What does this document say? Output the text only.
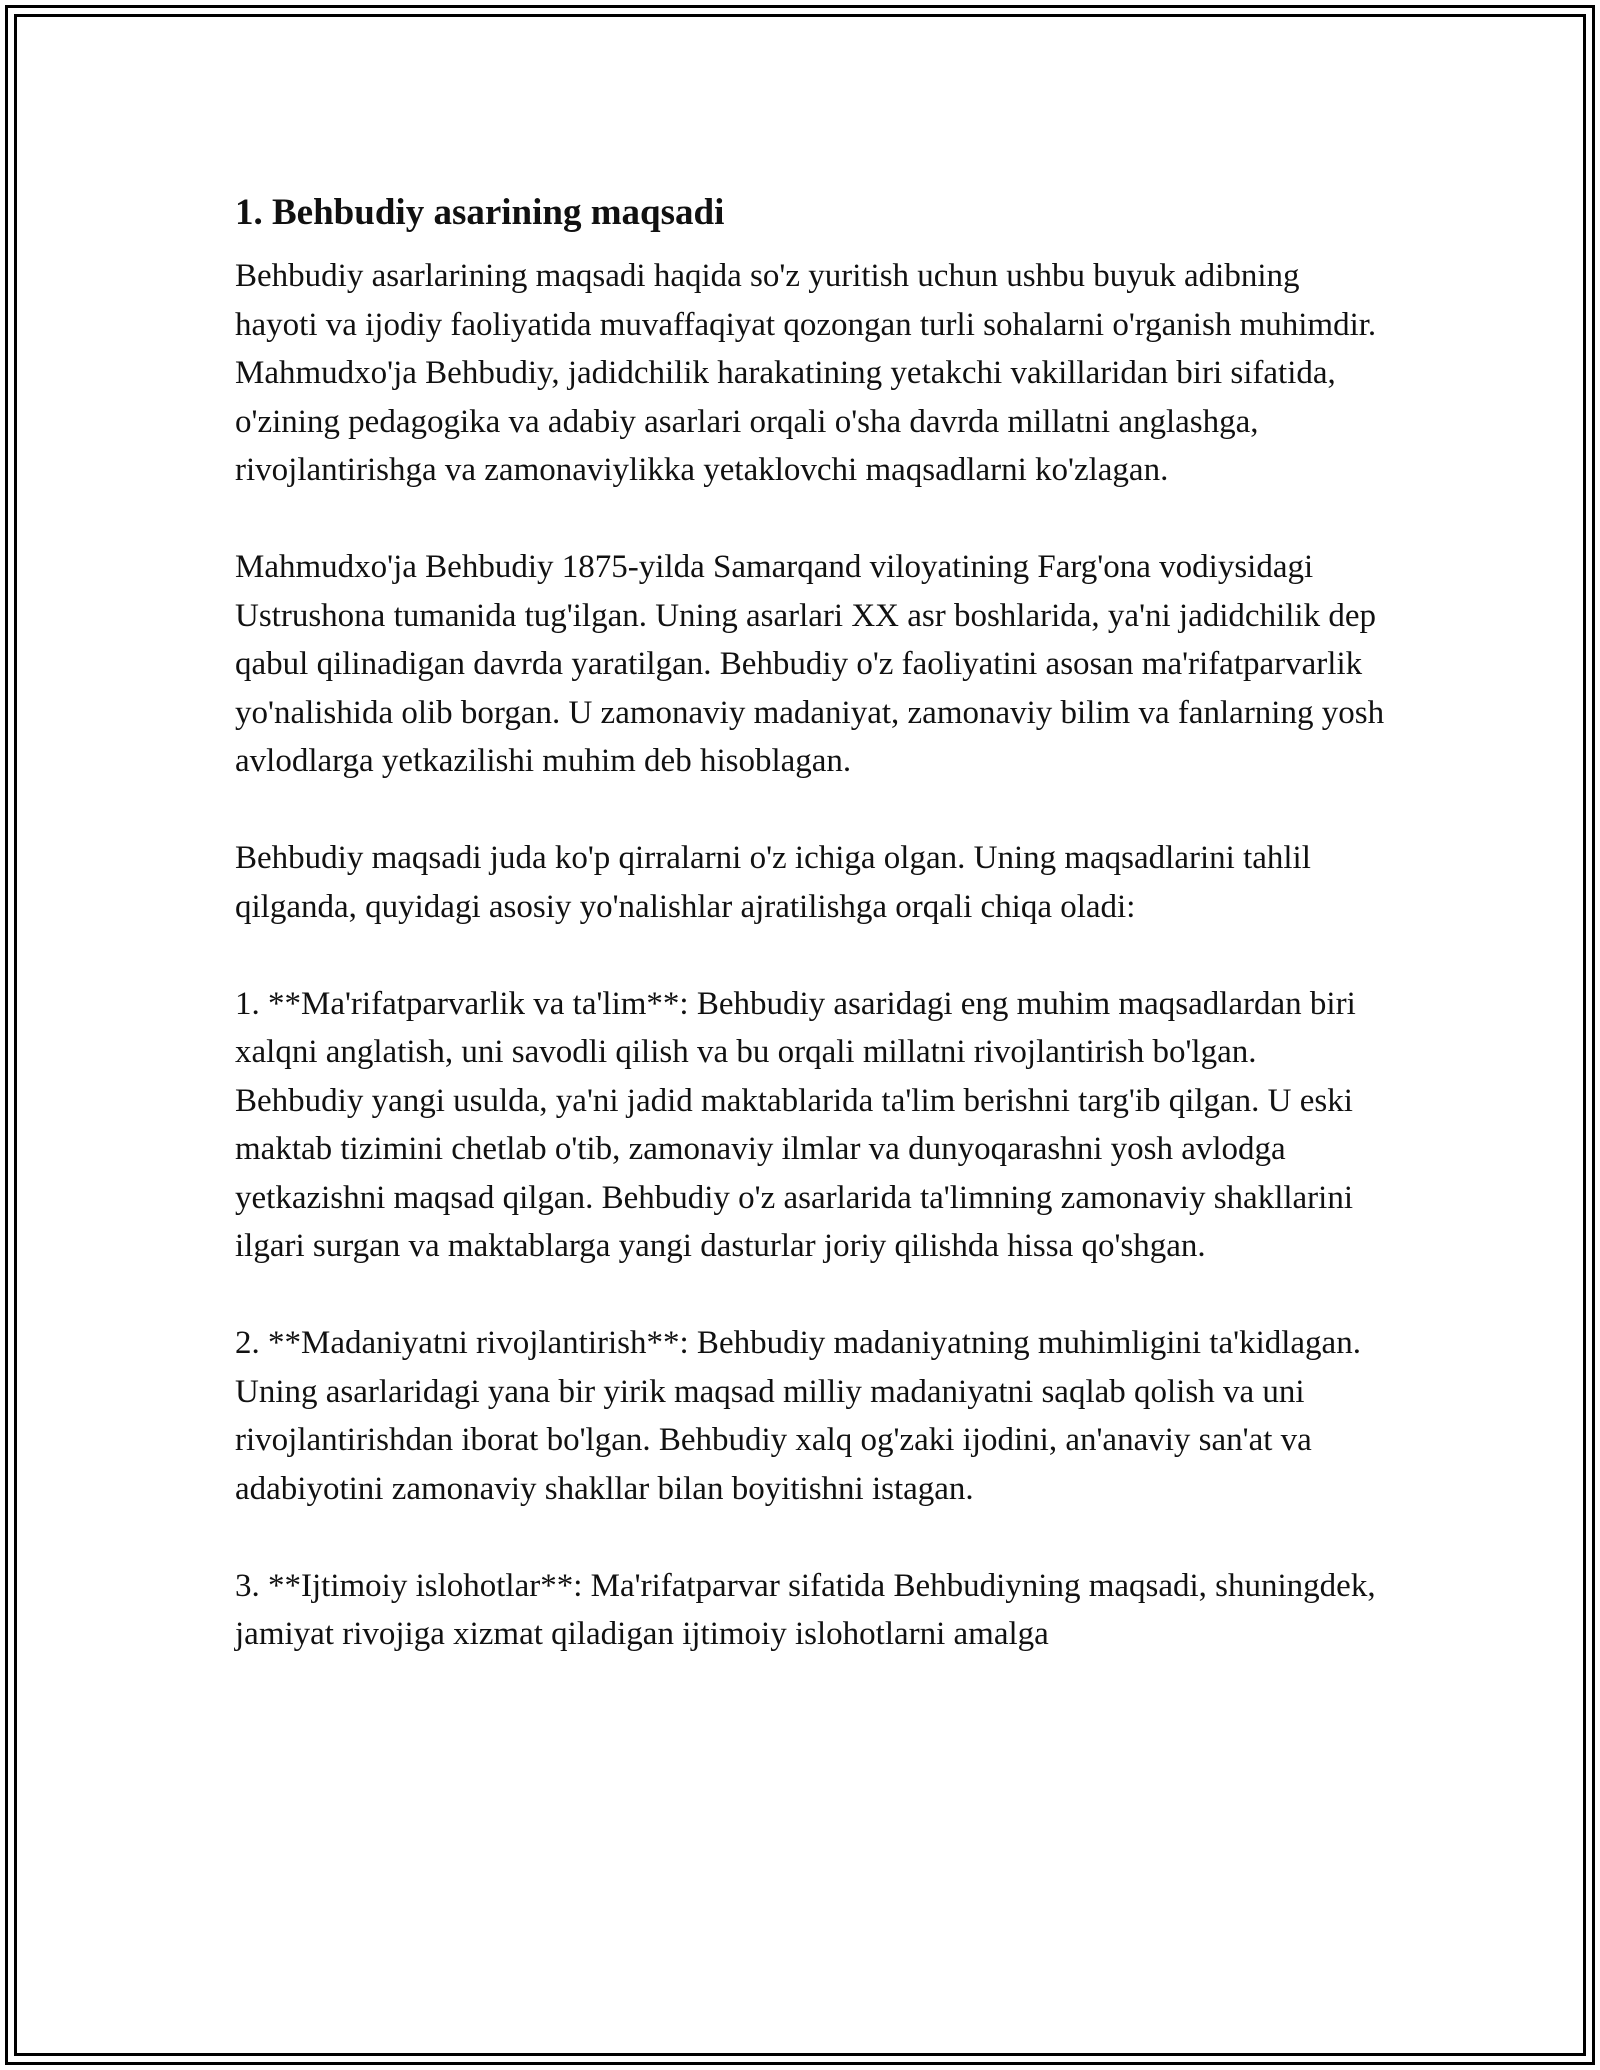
1. Behbudiy asarining maqsadi

Behbudiy asarlarining maqsadi haqida so'z yuritish uchun ushbu buyuk adibning hayoti va ijodiy faoliyatida muvaffaqiyat qozongan turli sohalarni o'rganish muhimdir. Mahmudxo'ja Behbudiy, jadidchilik harakatining yetakchi vakillaridan biri sifatida, o'zining pedagogika va adabiy asarlari orqali o'sha davrda millatni anglashga, rivojlantirishga va zamonaviylikka yetaklovchi maqsadlarni ko'zlagan.

Mahmudxo'ja Behbudiy 1875-yilda Samarqand viloyatining Farg'ona vodiysidagi Ustrushona tumanida tug'ilgan. Uning asarlari XX asr boshlarida, ya'ni jadidchilik dep qabul qilinadigan davrda yaratilgan. Behbudiy o'z faoliyatini asosan ma'rifatparvarlik yo'nalishida olib borgan. U zamonaviy madaniyat, zamonaviy bilim va fanlarning yosh avlodlarga yetkazilishi muhim deb hisoblagan.

Behbudiy maqsadi juda ko'p qirralarni o'z ichiga olgan. Uning maqsadlarini tahlil qilganda, quyidagi asosiy yo'nalishlar ajratilishga orqali chiqa oladi:

1. **Ma'rifatparvarlik va ta'lim**: Behbudiy asaridagi eng muhim maqsadlardan biri xalqni anglatish, uni savodli qilish va bu orqali millatni rivojlantirish bo'lgan. Behbudiy yangi usulda, ya'ni jadid maktablarida ta'lim berishni targ'ib qilgan. U eski maktab tizimini chetlab o'tib, zamonaviy ilmlar va dunyoqarashni yosh avlodga yetkazishni maqsad qilgan. Behbudiy o'z asarlarida ta'limning zamonaviy shakllarini ilgari surgan va maktablarga yangi dasturlar joriy qilishda hissa qo'shgan.

2. **Madaniyatni rivojlantirish**: Behbudiy madaniyatning muhimligini ta'kidlagan. Uning asarlaridagi yana bir yirik maqsad milliy madaniyatni saqlab qolish va uni rivojlantirishdan iborat bo'lgan. Behbudiy xalq og'zaki ijodini, an'anaviy san'at va adabiyotini zamonaviy shakllar bilan boyitishni istagan.

3. **Ijtimoiy islohotlar**: Ma'rifatparvar sifatida Behbudiyning maqsadi, shuningdek, jamiyat rivojiga xizmat qiladigan ijtimoiy islohotlarni amalga
